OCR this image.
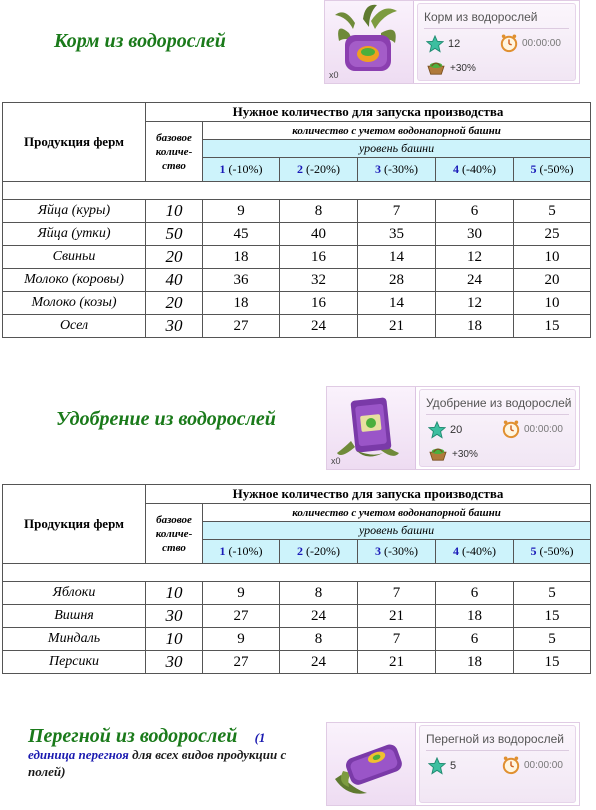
Корм из водорослей
x0
Корм из водорослей
12	00:00:00
+30%
Продукция ферм	Нужное количество для запуска производства					
	базовое количе-ство	количество с учетом водонапорной башни				
		уровень башни				
		1 (-10%)	2 (-20%)	3 (-30%)	4 (-40%)	5 (-50%)

Яйца (куры)	10	9	8	7	6	5
Яйца (утки)	50	45	40	35	30	25
Свиньи	20	18	16	14	12	10
Молоко (коровы)	40	36	32	28	24	20
Молоко (козы)	20	18	16	14	12	10
Осел	30	27	24	21	18	15
Удобрение из водорослей
x0
Удобрение из водорослей
20	00:00:00
+30%
Продукция ферм	Нужное количество для запуска производства					
	базовое количе-ство	количество с учетом водонапорной башни				
		уровень башни				
		1 (-10%)	2 (-20%)	3 (-30%)	4 (-40%)	5 (-50%)

Яблоки	10	9	8	7	6	5
Вишня	30	27	24	21	18	15
Миндаль	10	9	8	7	6	5
Персики	30	27	24	21	18	15
Перегной из водорослей (1
единица перегноя для всех видов продукции с полей)
Перегной из водорослей
5	00:00:00
